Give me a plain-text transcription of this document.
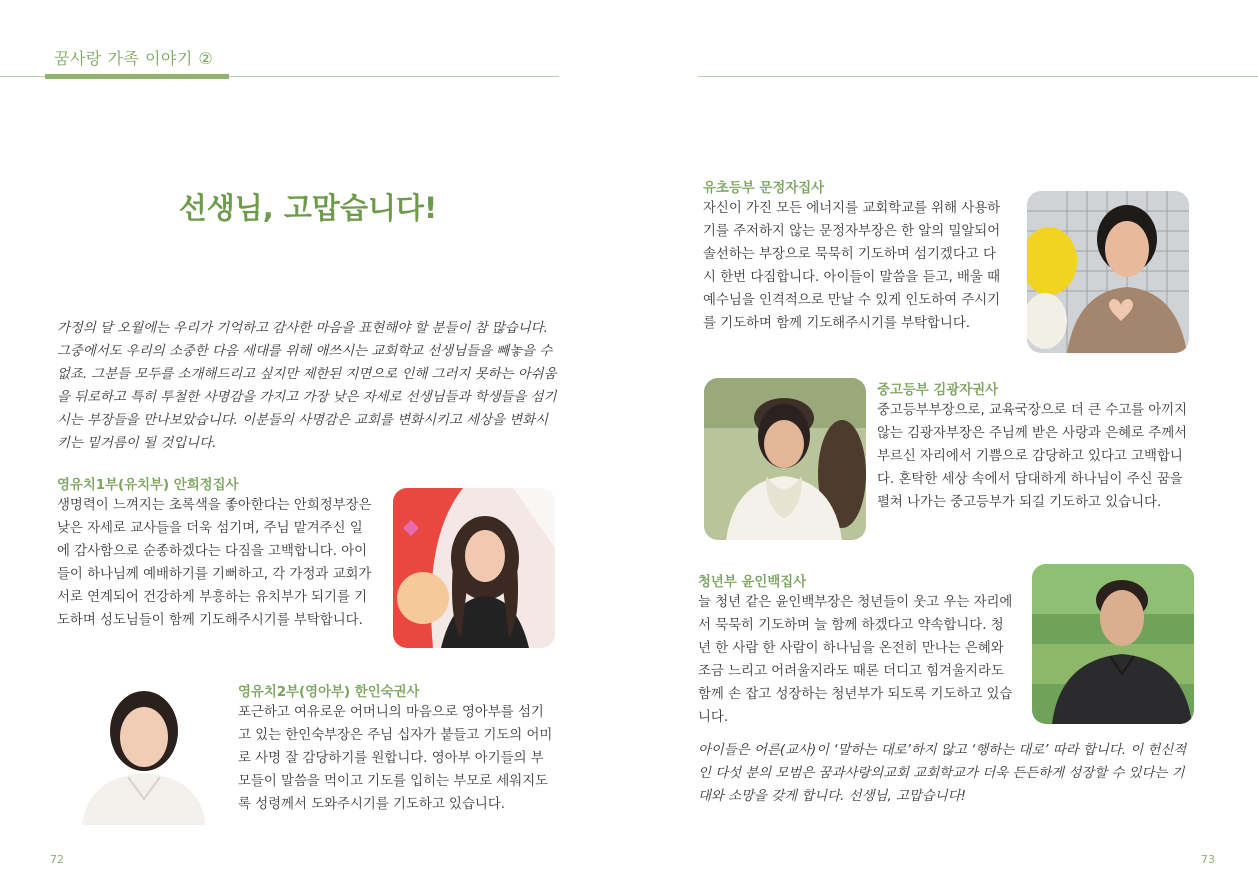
꿈사랑 가족 이야기 ②
선생님, 고맙습니다!
가정의 달 오월에는 우리가 기억하고 감사한 마음을 표현해야 할 분들이 참 많습니다. 그중에서도 우리의 소중한 다음 세대를 위해 애쓰시는 교회학교 선생님들을 빼놓을 수 없죠. 그분들 모두를 소개해드리고 싶지만 제한된 지면으로 인해 그러지 못하는 아쉬움을 뒤로하고 특히 투철한 사명감을 가지고 가장 낮은 자세로 선생님들과 학생들을 섬기시는 부장들을 만나보았습니다. 이분들의 사명감은 교회를 변화시키고 세상을 변화시키는 밑거름이 될 것입니다.
영유치1부(유치부) 안희정집사
생명력이 느껴지는 초록색을 좋아한다는 안희정부장은 낮은 자세로 교사들을 더욱 섬기며, 주님 맡겨주신 일에 감사함으로 순종하겠다는 다짐을 고백합니다. 아이들이 하나님께 예배하기를 기뻐하고, 각 가정과 교회가 서로 연계되어 건강하게 부흥하는 유치부가 되기를 기도하며 성도님들이 함께 기도해주시기를 부탁합니다.
영유치2부(영아부) 한인숙권사
포근하고 여유로운 어머니의 마음으로 영아부를 섬기고 있는 한인숙부장은 주님 십자가 붙들고 기도의 어미로 사명 잘 감당하기를 원합니다. 영아부 아기들의 부모들이 말씀을 먹이고 기도를 입히는 부모로 세워지도록 성령께서 도와주시기를 기도하고 있습니다.
유초등부 문정자집사
자신이 가진 모든 에너지를 교회학교를 위해 사용하기를 주저하지 않는 문정자부장은 한 알의 밀알되어 솔선하는 부장으로 묵묵히 기도하며 섬기겠다고 다시 한번 다짐합니다. 아이들이 말씀을 듣고, 배울 때 예수님을 인격적으로 만날 수 있게 인도하여 주시기를 기도하며 함께 기도해주시기를 부탁합니다.
중고등부 김광자권사
중고등부부장으로, 교육국장으로 더 큰 수고를 아끼지 않는 김광자부장은 주님께 받은 사랑과 은혜로 주께서 부르신 자리에서 기쁨으로 감당하고 있다고 고백합니다. 혼탁한 세상 속에서 담대하게 하나님이 주신 꿈을 펼쳐 나가는 중고등부가 되길 기도하고 있습니다.
청년부 윤인백집사
늘 청년 같은 윤인백부장은 청년들이 웃고 우는 자리에서 묵묵히 기도하며 늘 함께 하겠다고 약속합니다. 청년 한 사람 한 사람이 하나님을 온전히 만나는 은혜와 조금 느리고 어려울지라도 때론 더디고 힘겨울지라도 함께 손 잡고 성장하는 청년부가 되도록 기도하고 있습니다.
아이들은 어른(교사)이 ‘말하는 대로’하지 않고 ‘행하는 대로’ 따라 합니다. 이 헌신적인 다섯 분의 모범은 꿈과사랑의교회 교회학교가 더욱 든든하게 성장할 수 있다는 기대와 소망을 갖게 합니다. 선생님, 고맙습니다!
72	73
